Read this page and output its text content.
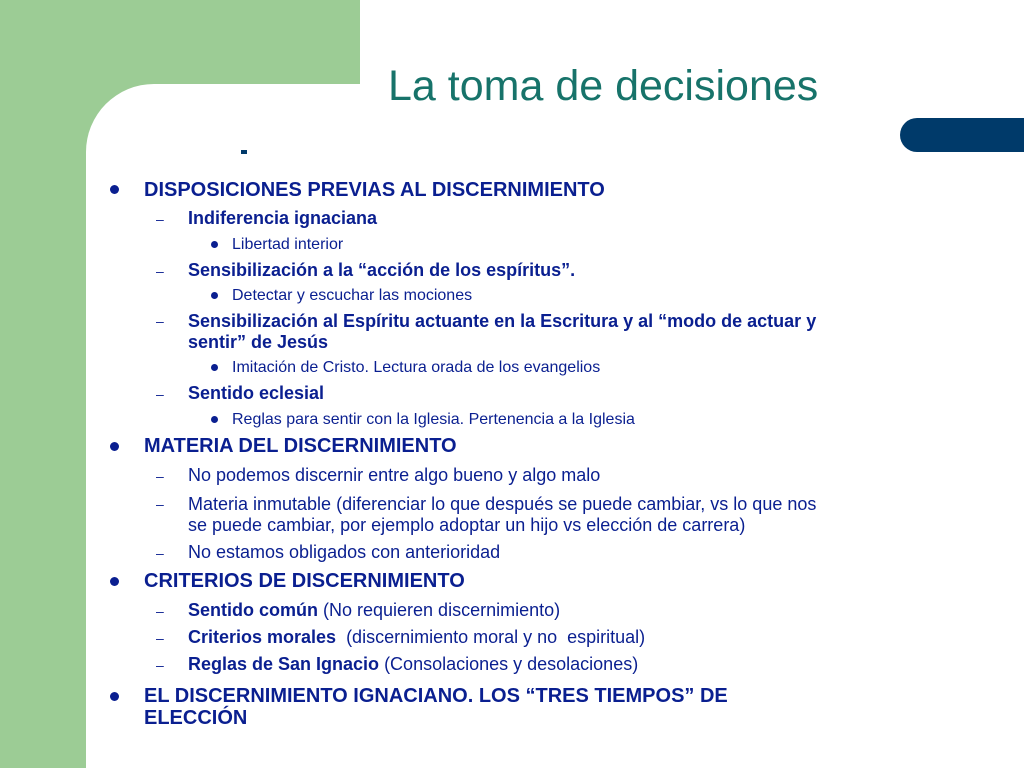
La toma de decisiones
DISPOSICIONES PREVIAS AL DISCERNIMIENTO
– Indiferencia ignaciana
Libertad interior
– Sensibilización a la “acción de los espíritus”.
Detectar y escuchar las mociones
– Sensibilización al Espíritu actuante en la Escritura y al “modo de actuar y
sentir” de Jesús
Imitación de Cristo. Lectura orada de los evangelios
– Sentido eclesial
Reglas para sentir con la Iglesia. Pertenencia a la Iglesia
MATERIA DEL DISCERNIMIENTO
– No podemos discernir entre algo bueno y algo malo
– Materia inmutable (diferenciar lo que después se puede cambiar, vs lo que nos
se puede cambiar, por ejemplo adoptar un hijo vs elección de carrera)
– No estamos obligados con anterioridad
CRITERIOS DE DISCERNIMIENTO
– Sentido común (No requieren discernimiento)
– Criterios morales  (discernimiento moral y no  espiritual)
– Reglas de San Ignacio (Consolaciones y desolaciones)
EL DISCERNIMIENTO IGNACIANO. LOS “TRES TIEMPOS” DE
ELECCIÓN
